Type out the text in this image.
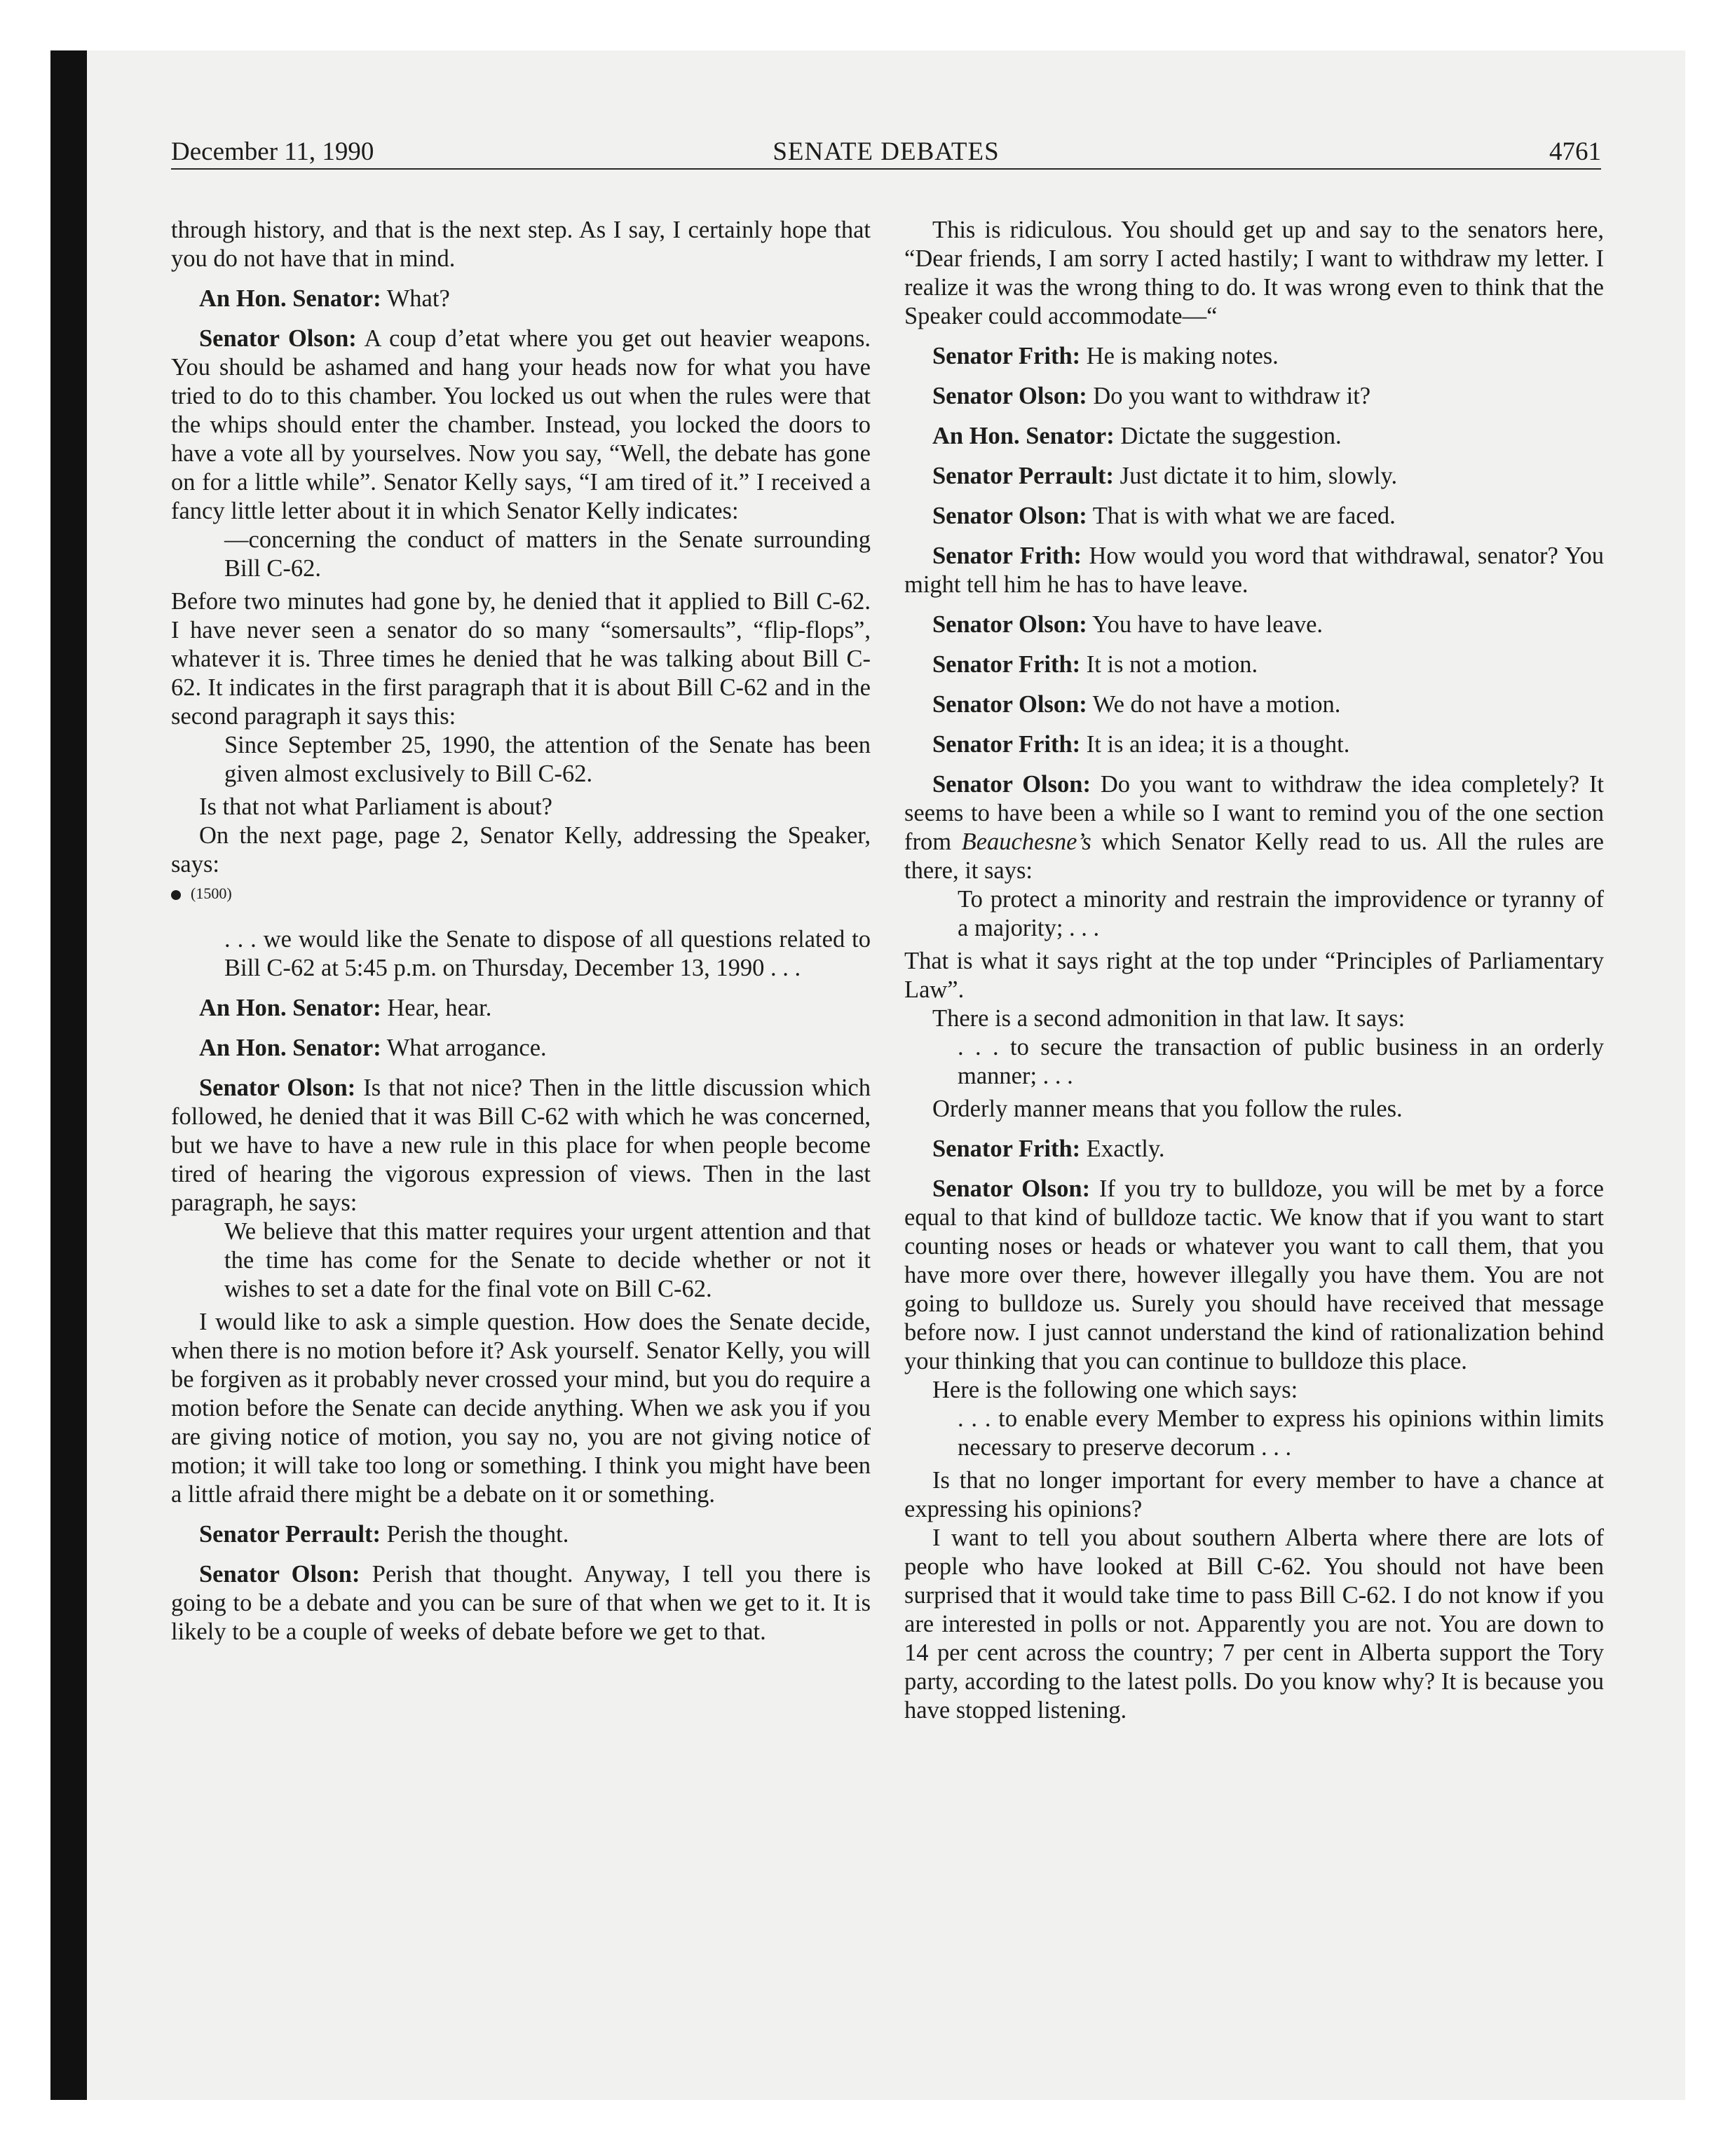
December 11, 1990	SENATE DEBATES	4761

through history, and that is the next step. As I say, I certainly hope that you do not have that in mind.

An Hon. Senator: What?

Senator Olson: A coup d’etat where you get out heavier weapons. You should be ashamed and hang your heads now for what you have tried to do to this chamber. You locked us out when the rules were that the whips should enter the chamber. Instead, you locked the doors to have a vote all by yourselves. Now you say, “Well, the debate has gone on for a little while”. Senator Kelly says, “I am tired of it.” I received a fancy little letter about it in which Senator Kelly indicates:

—concerning the conduct of matters in the Senate surrounding Bill C-62.

Before two minutes had gone by, he denied that it applied to Bill C-62. I have never seen a senator do so many “somersaults”, “flip-flops”, whatever it is. Three times he denied that he was talking about Bill C-62. It indicates in the first paragraph that it is about Bill C-62 and in the second paragraph it says this:

Since September 25, 1990, the attention of the Senate has been given almost exclusively to Bill C-62.

Is that not what Parliament is about?

On the next page, page 2, Senator Kelly, addressing the Speaker, says:

(1500)

. . . we would like the Senate to dispose of all questions related to Bill C-62 at 5:45 p.m. on Thursday, December 13, 1990 . . .

An Hon. Senator: Hear, hear.

An Hon. Senator: What arrogance.

Senator Olson: Is that not nice? Then in the little discussion which followed, he denied that it was Bill C-62 with which he was concerned, but we have to have a new rule in this place for when people become tired of hearing the vigorous expression of views. Then in the last paragraph, he says:

We believe that this matter requires your urgent attention and that the time has come for the Senate to decide whether or not it wishes to set a date for the final vote on Bill C-62.

I would like to ask a simple question. How does the Senate decide, when there is no motion before it? Ask yourself. Senator Kelly, you will be forgiven as it probably never crossed your mind, but you do require a motion before the Senate can decide anything. When we ask you if you are giving notice of motion, you say no, you are not giving notice of motion; it will take too long or something. I think you might have been a little afraid there might be a debate on it or something.

Senator Perrault: Perish the thought.

Senator Olson: Perish that thought. Anyway, I tell you there is going to be a debate and you can be sure of that when we get to it. It is likely to be a couple of weeks of debate before we get to that.

This is ridiculous. You should get up and say to the senators here, “Dear friends, I am sorry I acted hastily; I want to withdraw my letter. I realize it was the wrong thing to do. It was wrong even to think that the Speaker could accommodate—“

Senator Frith: He is making notes.

Senator Olson: Do you want to withdraw it?

An Hon. Senator: Dictate the suggestion.

Senator Perrault: Just dictate it to him, slowly.

Senator Olson: That is with what we are faced.

Senator Frith: How would you word that withdrawal, senator? You might tell him he has to have leave.

Senator Olson: You have to have leave.

Senator Frith: It is not a motion.

Senator Olson: We do not have a motion.

Senator Frith: It is an idea; it is a thought.

Senator Olson: Do you want to withdraw the idea completely? It seems to have been a while so I want to remind you of the one section from Beauchesne’s which Senator Kelly read to us. All the rules are there, it says:

To protect a minority and restrain the improvidence or tyranny of a majority; . . .

That is what it says right at the top under “Principles of Parliamentary Law”.

There is a second admonition in that law. It says:

. . . to secure the transaction of public business in an orderly manner; . . .

Orderly manner means that you follow the rules.

Senator Frith: Exactly.

Senator Olson: If you try to bulldoze, you will be met by a force equal to that kind of bulldoze tactic. We know that if you want to start counting noses or heads or whatever you want to call them, that you have more over there, however illegally you have them. You are not going to bulldoze us. Surely you should have received that message before now. I just cannot understand the kind of rationalization behind your thinking that you can continue to bulldoze this place.

Here is the following one which says:

. . . to enable every Member to express his opinions within limits necessary to preserve decorum . . .

Is that no longer important for every member to have a chance at expressing his opinions?

I want to tell you about southern Alberta where there are lots of people who have looked at Bill C-62. You should not have been surprised that it would take time to pass Bill C-62. I do not know if you are interested in polls or not. Apparently you are not. You are down to 14 per cent across the country; 7 per cent in Alberta support the Tory party, according to the latest polls. Do you know why? It is because you have stopped listening.
